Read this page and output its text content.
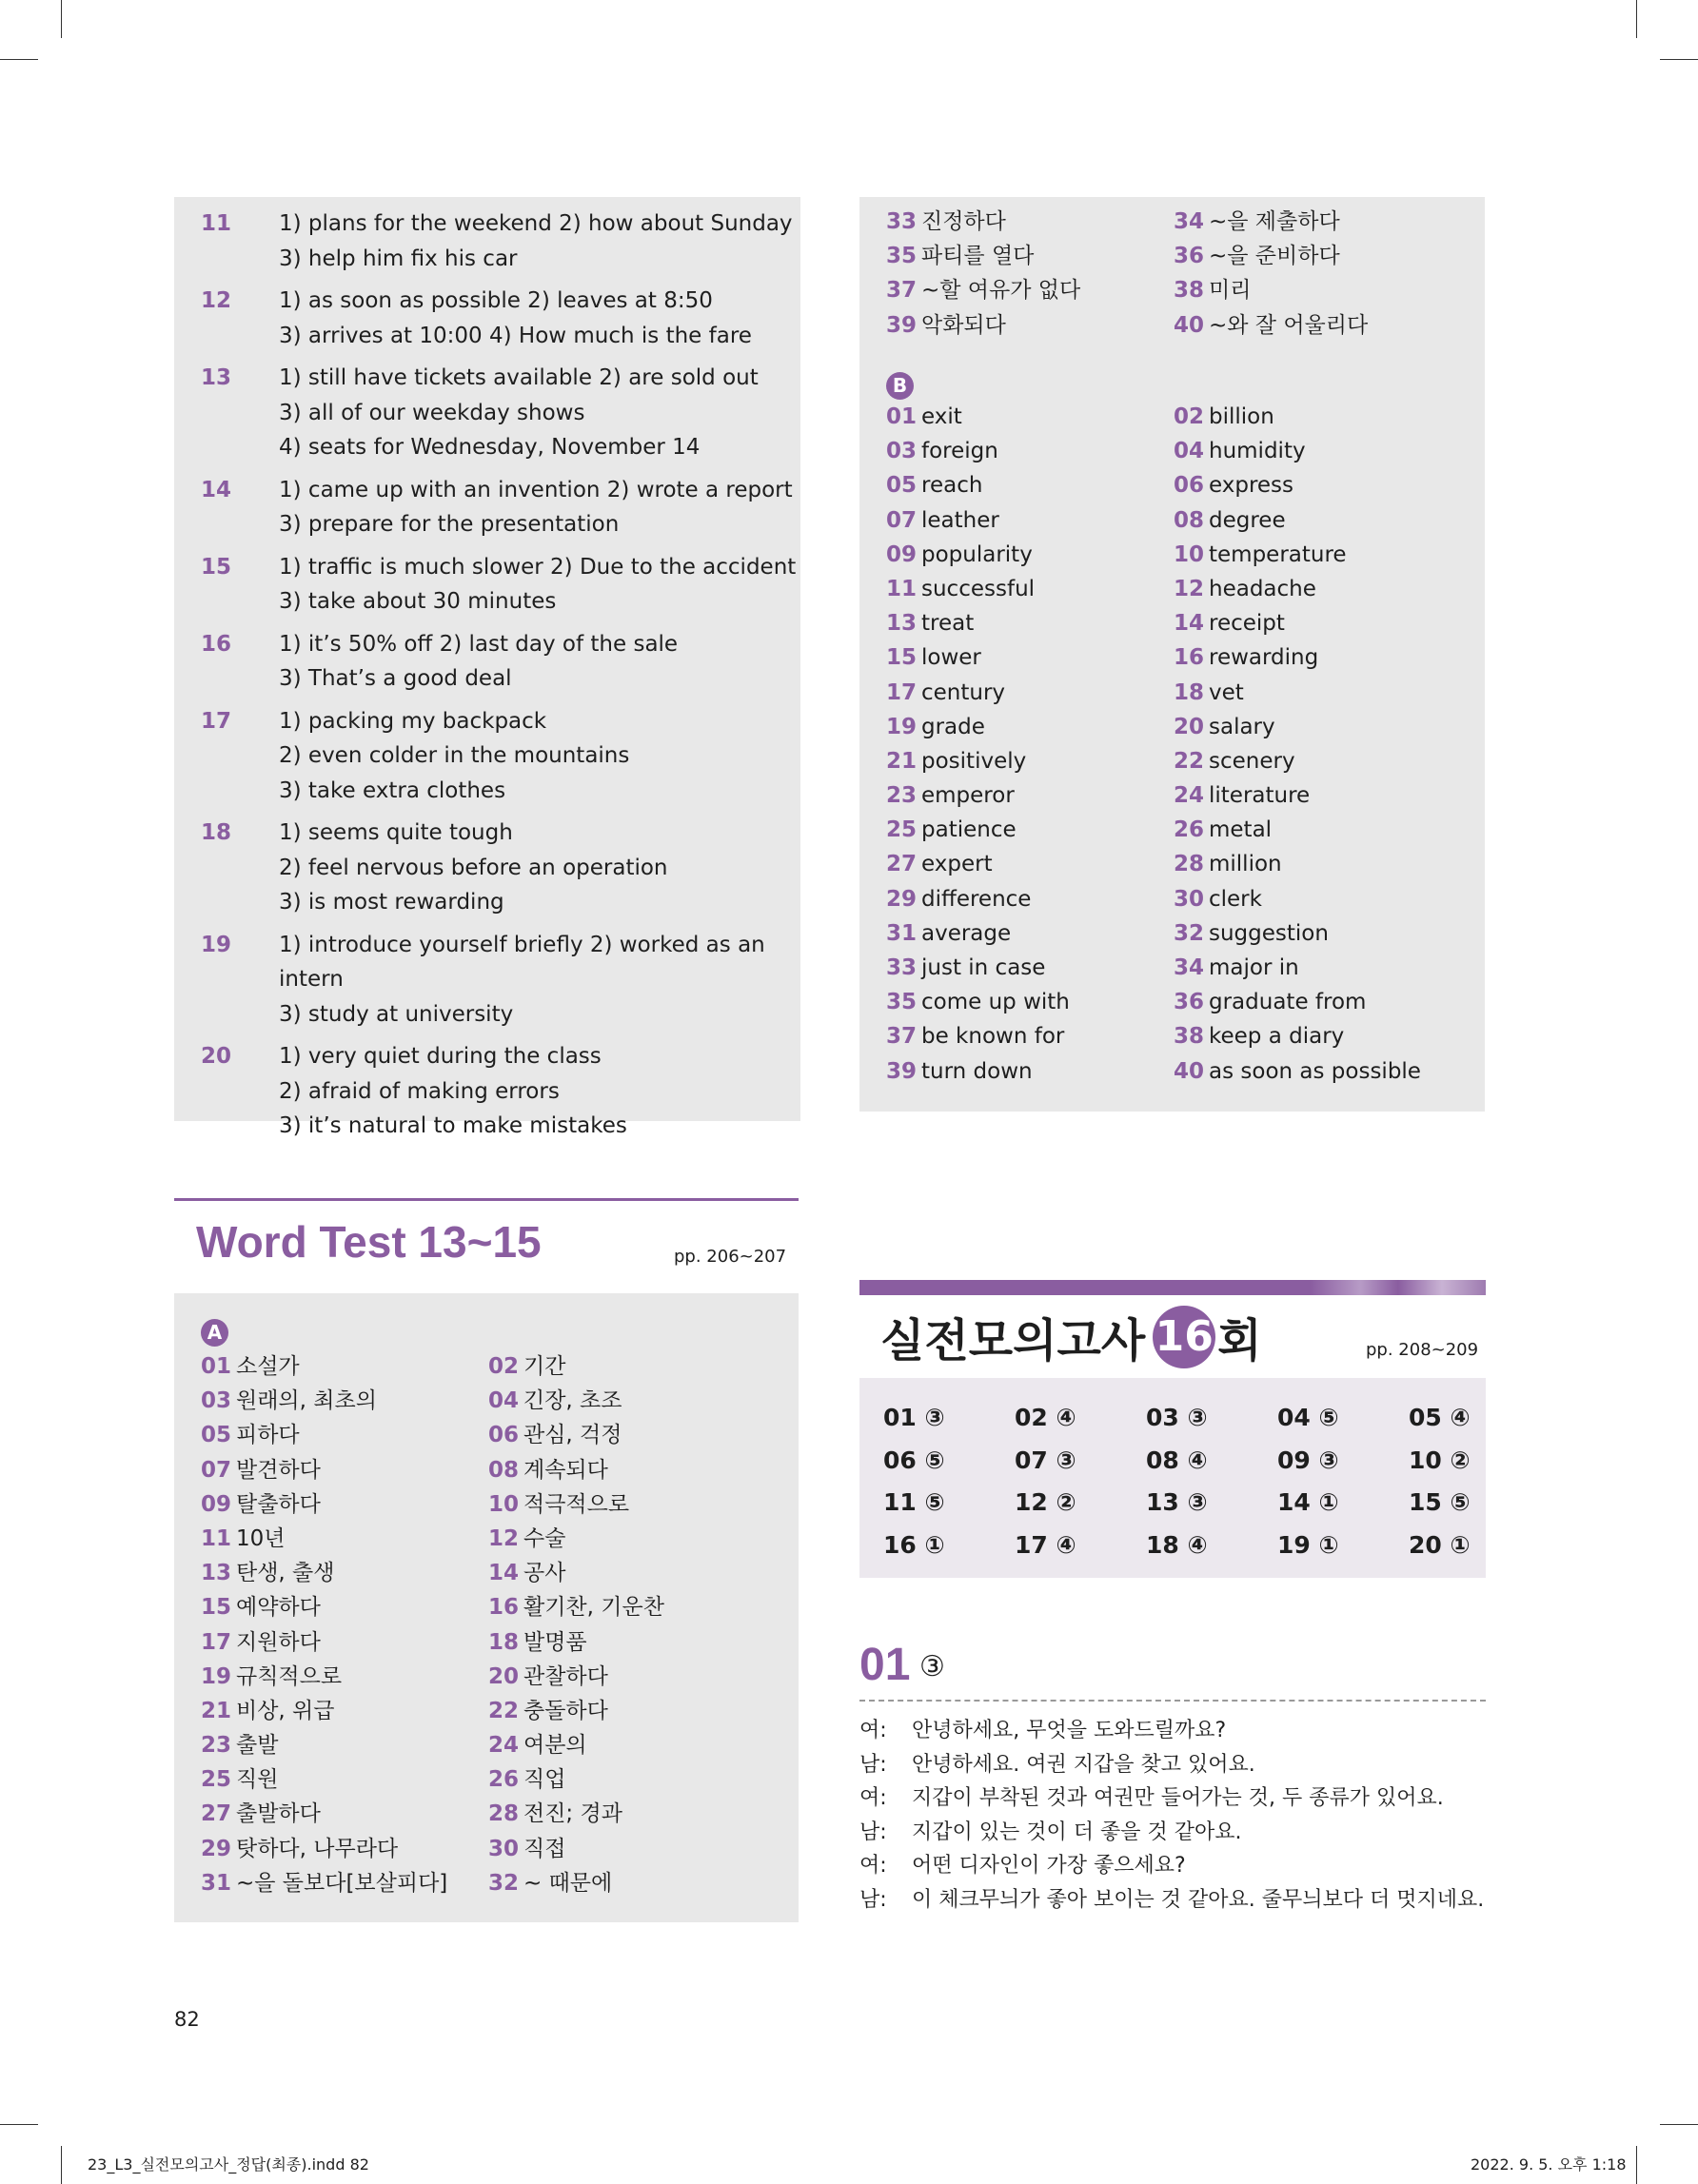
11	1) plans for the weekend 2) how about Sunday
3) help him fix his car
12	1) as soon as possible 2) leaves at 8:50
3) arrives at 10:00 4) How much is the fare
13	1) still have tickets available 2) are sold out
3) all of our weekday shows
4) seats for Wednesday, November 14
14	1) came up with an invention 2) wrote a report
3) prepare for the presentation
15	1) traffic is much slower 2) Due to the accident
3) take about 30 minutes
16	1) it’s 50% off 2) last day of the sale
3) That’s a good deal
17	1) packing my backpack
2) even colder in the mountains
3) take extra clothes
18	1) seems quite tough
2) feel nervous before an operation
3) is most rewarding
19	1) introduce yourself briefly 2) worked as an intern
3) study at university
20	1) very quiet during the class
2) afraid of making errors
3) it’s natural to make mistakes
33 진정하다	34 ~을 제출하다
35 파티를 열다	36 ~을 준비하다
37 ~할 여유가 없다	38 미리
39 악화되다	40 ~와 잘 어울리다
B
01 exit	02 billion
03 foreign	04 humidity
05 reach	06 express
07 leather	08 degree
09 popularity	10 temperature
11 successful	12 headache
13 treat	14 receipt
15 lower	16 rewarding
17 century	18 vet
19 grade	20 salary
21 positively	22 scenery
23 emperor	24 literature
25 patience	26 metal
27 expert	28 million
29 difference	30 clerk
31 average	32 suggestion
33 just in case	34 major in
35 come up with	36 graduate from
37 be known for	38 keep a diary
39 turn down	40 as soon as possible
Word Test 13~15	pp. 206~207
A
01 소설가	02 기간
03 원래의, 최초의	04 긴장, 초조
05 피하다	06 관심, 걱정
07 발견하다	08 계속되다
09 탈출하다	10 적극적으로
11 10년	12 수술
13 탄생, 출생	14 공사
15 예약하다	16 활기찬, 기운찬
17 지원하다	18 발명품
19 규칙적으로	20 관찰하다
21 비상, 위급	22 충돌하다
23 출발	24 여분의
25 직원	26 직업
27 출발하다	28 전진; 경과
29 탓하다, 나무라다	30 직접
31 ~을 돌보다[보살피다]	32 ~ 때문에
실전모의고사 16 회	pp. 208~209
01 ③	02 ④	03 ③	04 ⑤	05 ④
06 ⑤	07 ③	08 ④	09 ③	10 ②
11 ⑤	12 ②	13 ③	14 ①	15 ⑤
16 ①	17 ④	18 ④	19 ①	20 ①
01 ③
여:	안녕하세요, 무엇을 도와드릴까요?
남:	안녕하세요. 여권 지갑을 찾고 있어요.
여:	지갑이 부착된 것과 여권만 들어가는 것, 두 종류가 있어요.
남:	지갑이 있는 것이 더 좋을 것 같아요.
여:	어떤 디자인이 가장 좋으세요?
남:	이 체크무늬가 좋아 보이는 것 같아요. 줄무늬보다 더 멋지네요.
82
23_L3_실전모의고사_정답(최종).indd 82	2022. 9. 5. 오후 1:18
